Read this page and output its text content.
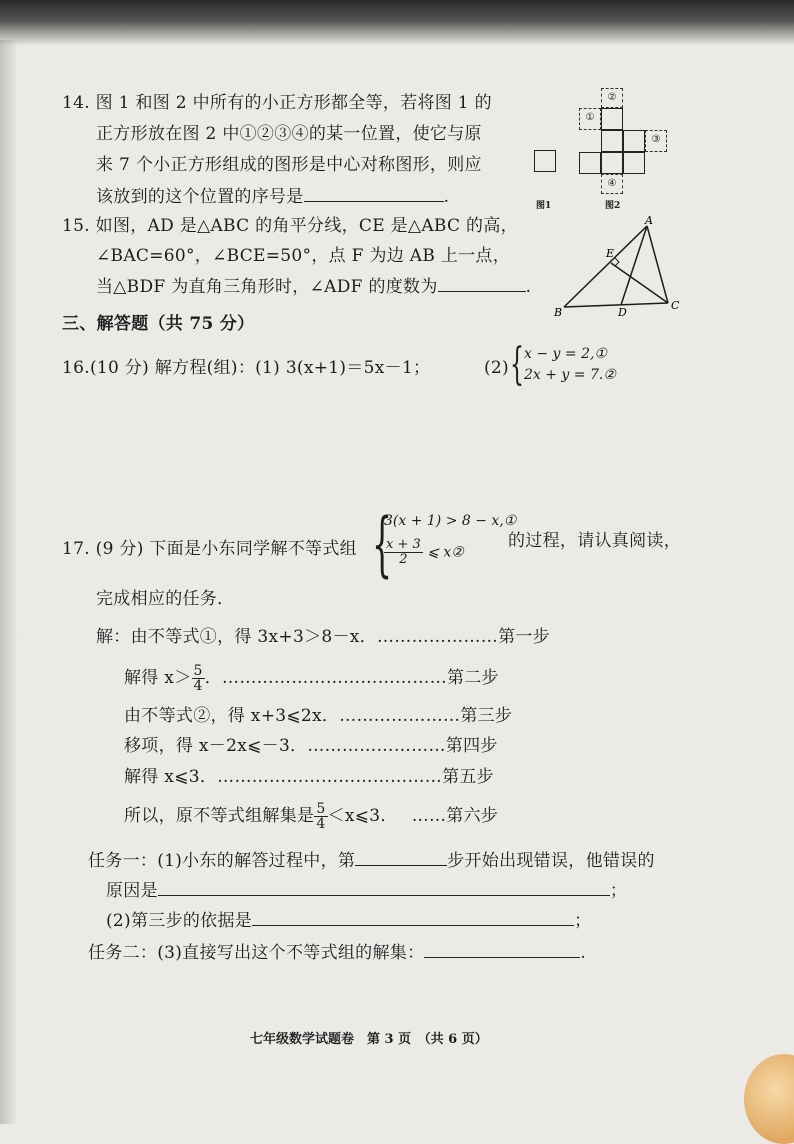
14. 图 1 和图 2 中所有的小正方形都全等，若将图 1 的
正方形放在图 2 中①②③④的某一位置，使它与原
来 7 个小正方形组成的图形是中心对称图形，则应
该放到的这个位置的序号是	.	图1
②
①
③
④
图2
15. 如图，AD 是△ABC 的角平分线，CE 是△ABC 的高，
∠BAC=60°，∠BCE=50°，点 F 为边 AB 上一点，
当△BDF 为直角三角形时，∠ADF 的度数为	.
A
B
C
D
E
三、解答题（共 75 分）
16.(10 分) 解方程(组)：(1) 3(x+1)＝5x－1；	(2) { x − y = 2,①
2x + y = 7.②
17. (9 分) 下面是小东同学解不等式组 {
3(x + 1) > 8 − x,①
$\frac{x + 3}{2}$ ⩽ x②
的过程，请认真阅读，
完成相应的任务．
解：由不等式①，得 3x+3＞8－x．…………………第一步
解得 $x> \frac{5}{4}$ ．…………………………………第二步
由不等式②，得 x+3⩽2x．…………………第三步
移项，得 x－2x⩽－3．……………………第四步
解得 x⩽3．…………………………………第五步
所以，原不等式组解集是 $\frac{5}{4}$ ＜x⩽3． ……第六步
任务一：(1)小东的解答过程中，第	步开始出现错误，他错误的
原因是	；
(2)第三步的依据是	；
任务二：(3)直接写出这个不等式组的解集：	.
七年级数学试题卷　第 3 页　（共 6 页）
